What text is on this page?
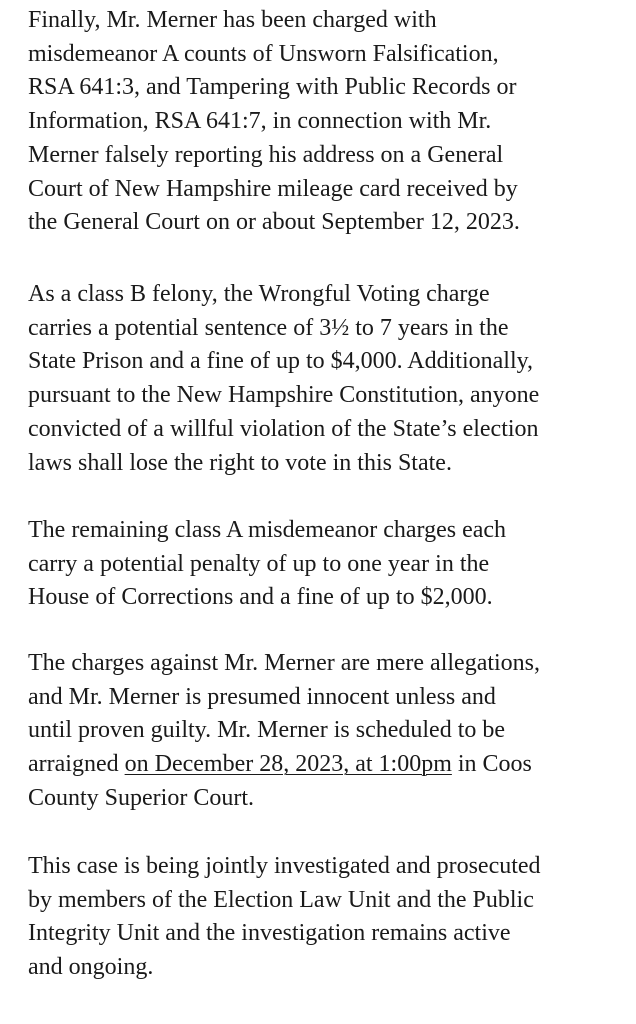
Finally, Mr. Merner has been charged with
misdemeanor A counts of Unsworn Falsification,
RSA 641:3, and Tampering with Public Records or
Information, RSA 641:7, in connection with Mr.
Merner falsely reporting his address on a General
Court of New Hampshire mileage card received by
the General Court on or about September 12, 2023.

As a class B felony, the Wrongful Voting charge
carries a potential sentence of 3½ to 7 years in the
State Prison and a fine of up to $4,000. Additionally,
pursuant to the New Hampshire Constitution, anyone
convicted of a willful violation of the State’s election
laws shall lose the right to vote in this State.

The remaining class A misdemeanor charges each
carry a potential penalty of up to one year in the
House of Corrections and a fine of up to $2,000.

The charges against Mr. Merner are mere allegations,
and Mr. Merner is presumed innocent unless and
until proven guilty. Mr. Merner is scheduled to be
arraigned on December 28, 2023, at 1:00pm in Coos
County Superior Court.

This case is being jointly investigated and prosecuted
by members of the Election Law Unit and the Public
Integrity Unit and the investigation remains active
and ongoing.
